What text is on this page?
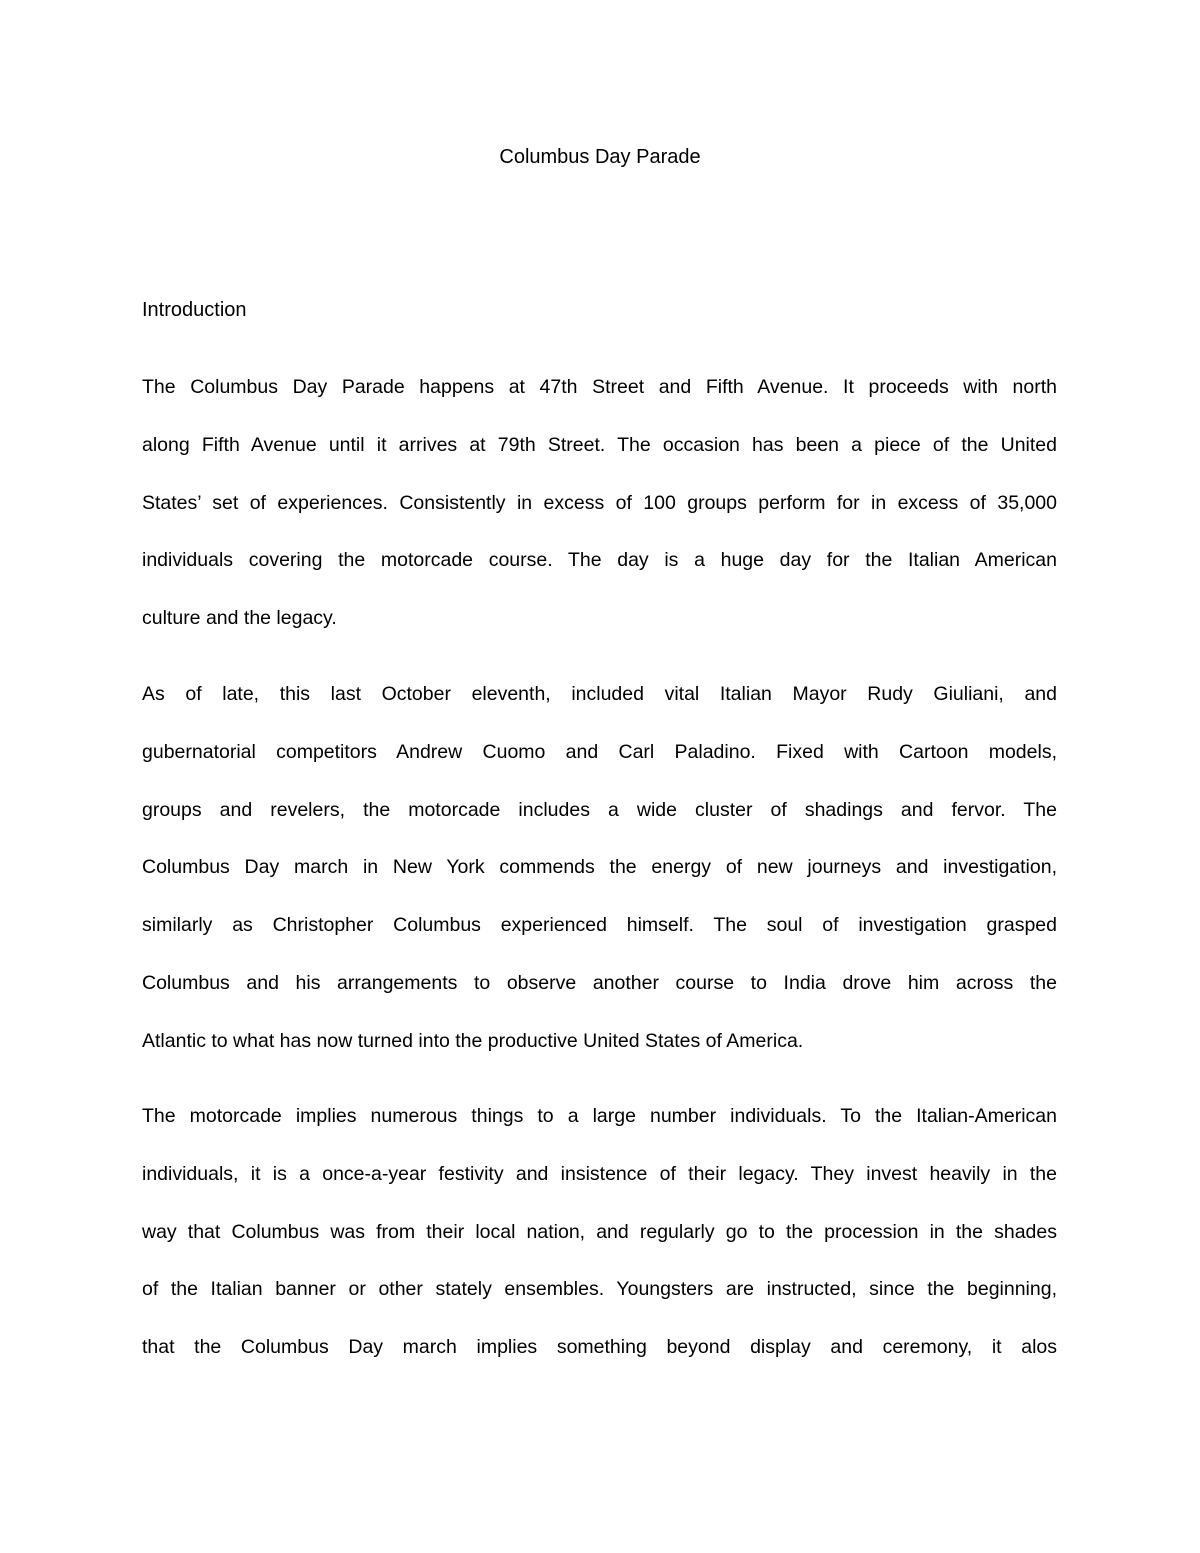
Columbus Day Parade
Introduction
The Columbus Day Parade happens at 47th Street and Fifth Avenue. It proceeds with north
along Fifth Avenue until it arrives at 79th Street. The occasion has been a piece of the United
States’ set of experiences. Consistently in excess of 100 groups perform for in excess of 35,000
individuals covering the motorcade course. The day is a huge day for the Italian American
culture and the legacy.
As of late, this last October eleventh, included vital Italian Mayor Rudy Giuliani, and
gubernatorial competitors Andrew Cuomo and Carl Paladino. Fixed with Cartoon models,
groups and revelers, the motorcade includes a wide cluster of shadings and fervor. The
Columbus Day march in New York commends the energy of new journeys and investigation,
similarly as Christopher Columbus experienced himself. The soul of investigation grasped
Columbus and his arrangements to observe another course to India drove him across the
Atlantic to what has now turned into the productive United States of America.
The motorcade implies numerous things to a large number individuals. To the Italian-American
individuals, it is a once-a-year festivity and insistence of their legacy. They invest heavily in the
way that Columbus was from their local nation, and regularly go to the procession in the shades
of the Italian banner or other stately ensembles. Youngsters are instructed, since the beginning,
that the Columbus Day march implies something beyond display and ceremony, it alos
